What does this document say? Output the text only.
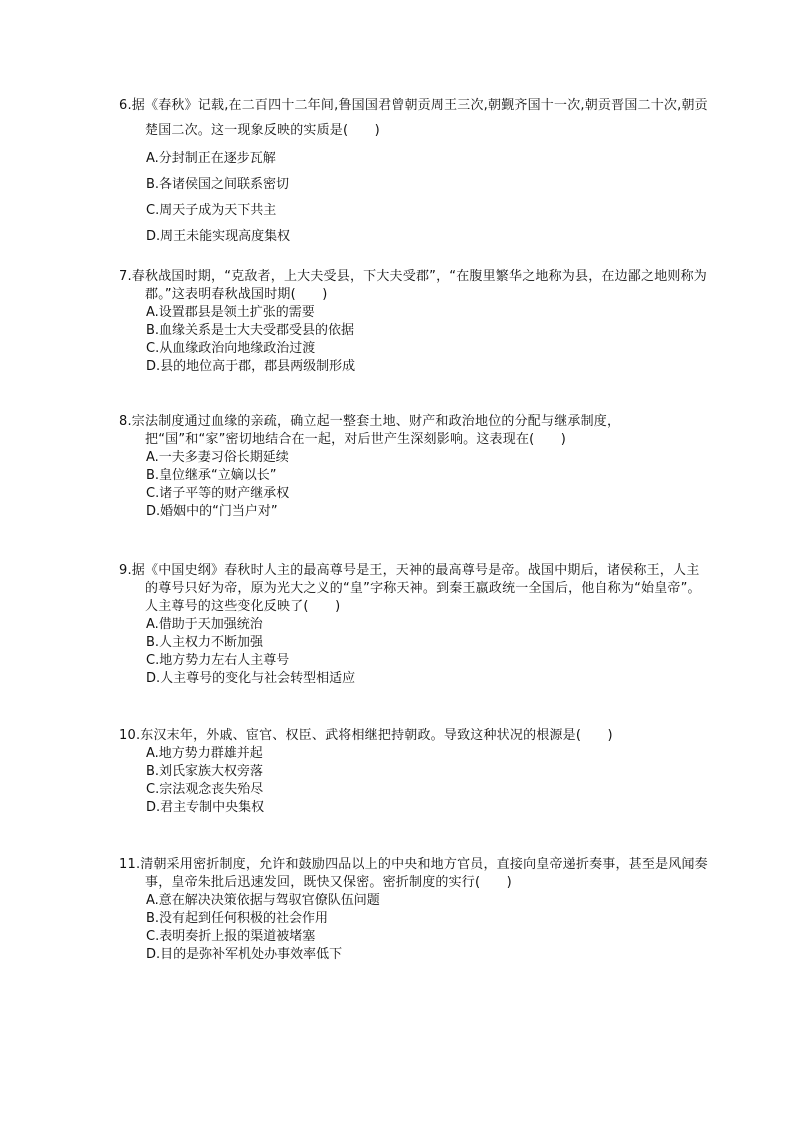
6.据《春秋》记载,在二百四十二年间,鲁国国君曾朝贡周王三次,朝觐齐国十一次,朝贡晋国二十次,朝贡楚国二次。这一现象反映的实质是(　　)

A.分封制正在逐步瓦解
B.各诸侯国之间联系密切
C.周天子成为天下共主
D.周王未能实现高度集权

7.春秋战国时期，“克敌者，上大夫受县，下大夫受郡”，“在腹里繁华之地称为县，在边鄙之地则称为郡。”这表明春秋战国时期(　　)

A.设置郡县是领土扩张的需要
B.血缘关系是士大夫受郡受县的依据
C.从血缘政治向地缘政治过渡
D.县的地位高于郡，郡县两级制形成

8.宗法制度通过血缘的亲疏，确立起一整套土地、财产和政治地位的分配与继承制度，把“国”和“家”密切地结合在一起，对后世产生深刻影响。这表现在(　　)

A.一夫多妻习俗长期延续
B.皇位继承“立嫡以长”
C.诸子平等的财产继承权
D.婚姻中的“门当户对”

9.据《中国史纲》春秋时人主的最高尊号是王，天神的最高尊号是帝。战国中期后，诸侯称王，人主的尊号只好为帝，原为光大之义的“皇”字称天神。到秦王嬴政统一全国后，他自称为“始皇帝”。人主尊号的这些变化反映了(　　)

A.借助于天加强统治
B.人主权力不断加强
C.地方势力左右人主尊号
D.人主尊号的变化与社会转型相适应

10.东汉末年，外戚、宦官、权臣、武将相继把持朝政。导致这种状况的根源是(　　)

A.地方势力群雄并起
B.刘氏家族大权旁落
C.宗法观念丧失殆尽
D.君主专制中央集权

11.清朝采用密折制度，允许和鼓励四品以上的中央和地方官员，直接向皇帝递折奏事，甚至是风闻奏事，皇帝朱批后迅速发回，既快又保密。密折制度的实行(　　)

A.意在解决决策依据与驾驭官僚队伍问题
B.没有起到任何积极的社会作用
C.表明奏折上报的渠道被堵塞
D.目的是弥补军机处办事效率低下
